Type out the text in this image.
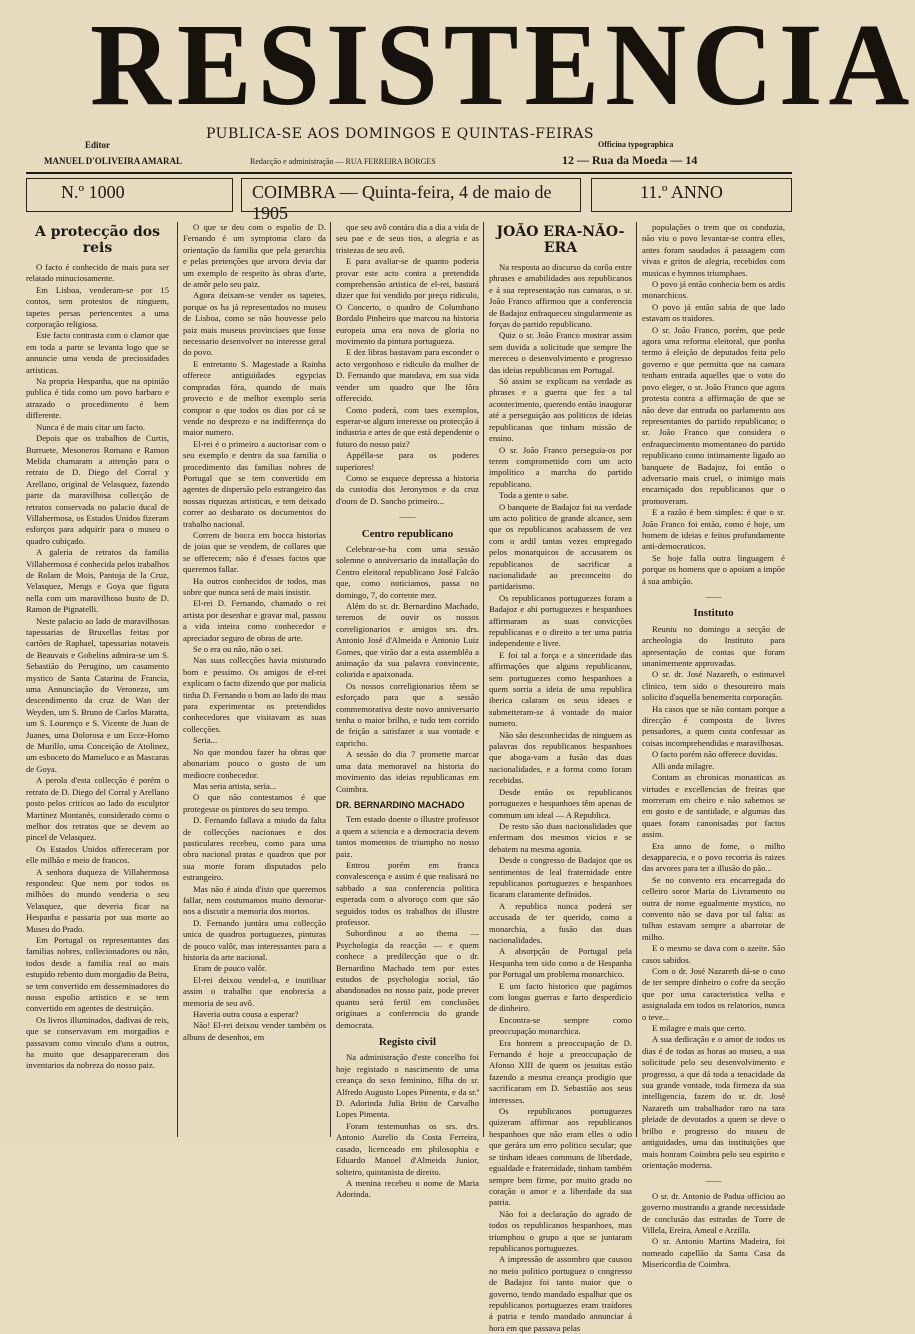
RESISTENCIA
Editor
MANUEL D'OLIVEIRA AMARAL
PUBLICA-SE AOS DOMINGOS E QUINTAS-FEIRAS
Redacção e administração — RUA FERREIRA BORGES
Officina typographica
12 — Rua da Moeda — 14
N.º 1000	COIMBRA — Quinta-feira, 4 de maio de 1905
11.º ANNO
A protecção dos reis

O facto é conhecido de mais para ser relatado minuciosamente.

Em Lisboa, venderam-se por 15 contos, sem protestos de ninguem, tapetes persas pertencentes a uma corporação religiosa.

Este facto contrasta com o clamor que em toda a parte se levanta logo que se annuncie uma venda de preciosidades artisticas.

Na propria Hespanha, que na opinião publica é tida como um povo barbaro e atrazado o procedimento é bem differente.

Nunca é de mais citar um facto.

Depois que os trabalhos de Curtis, Burruete, Mesoneros Romano e Ramon Melida chamaram a attenção para o retrato de D. Diego del Corral y Arellano, original de Velasquez, fazendo parte da maravilhosa collecção de retratos conservada no palacio ducal de Villahermosa, os Estados Unidos fizeram esforços para adquirir para o museu o quadro cubiçado.

A galeria de retratos da familia Villahermosa é conhecida pelos trabalhos de Rolam de Mois, Pantoja de la Cruz, Velasquez, Mengs e Goya que figura nella com um maravilhoso busto de D. Ramon de Pignatelli.

Neste palacio ao lado de maravilhosas tapessarias de Bruxellas feitas por cartões de Raphael, tapessarias notaveis de Beauvais e Gobelins admira-se um S. Sebastião do Perugino, um casamento mystico de Santa Catarina de Francia, uma Annunciação do Veronezo, um descendimento da cruz de Wan der Weyden, um S. Bruno de Carlos Maratta, um S. Lourenço e S. Vicente de Juan de Juanes, uma Dolorosa e um Ecce-Homo de Murillo, uma Conceição de Atolinez, um esboceto do Mameluco e as Mascaras de Goya.

A perola d'esta collecção é porém o retrato de D. Diego del Corral y Arellano posto pelos criticos ao lado do esculptor Martinez Montanés, considerado como o melhor dos retratos que se devem ao pincel de Velasquez.

Os Estados Unidos offereceram por elle milhão e meio de francos.

A senhora duqueza de Villahermosa respondeu: Que nem por todos os milhões do mundo venderia o seu Velasquez, que deveria ficar na Hespanha e passaria por sua morte ao Museu do Prado.

Em Portugal os representantes das familias nobres, collecionadores ou não, todos desde a familia real ao mais estupido rebento dum morgadio da Beira, se tem convertido em desseminadores do nosso espolio artistico e se tem convertido em agentes de destruição.

Os livros illuminados, dadivas de reis, que se conservavam em morgadios e passavam como vinculo d'uns a outros, ha muito que desappareceram dos inventarios da nobreza do nosso paiz.

O que se deu com o espolio de D. Fernando é um symptoma claro da orientação da familia que pela gerarchia e pelas pretenções que arvora devia dar um exemplo de respeito às obras d'arte, de amôr pelo seu paiz.

Agora deixam-se vender os tapetes, porque os ha já representados no museu de Lisboa, como se não houvesse pelo paiz mais museus provinciaes que fosse necessario desenvolver no interesse geral do povo.

E entretanto S. Magestade a Rainha offerece antiguidades egypcias compradas fóra, quando de mais provecto e de melhor exemplo seria comprar o que todos os dias por cá se vende no desprezo e na indifferença do maior numero.

El-rei é o primeiro a auctorisar com o seu exemplo e dentro da sua familia o procedimento das familias nobres de Portugal que se tem convertido em agentes de dispersão pelo estrangeiro das nossas riquezas artisticas, e tem deixado correr ao desbarato os documentos do trabalho nacional.

Correm de bocca em bocca historias de joias que se vendem, de collares que se offerecem; não é d'esses factos que queremos fallar.

Ha outros conhecidos de todos, mas sobre que nunca será de mais insistir.

El-rei D. Fernando, chamado o rei artista por desenhar e gravar mal, passou a vida inteira como conhecedor e apreciador seguro de obras de arte.

Se o era ou não, não o sei.

Nas suas collecções havia misturado bom e pessimo. Os amigos de el-rei explicam o facto dizendo que por malicia tinha D. Fernando o bom ao lado do mau para experimentar os pretendidos conhecedores que visitavam as suas collecções.

Seria...

No que mondou fazer ha obras que abonariam pouco o gosto de um mediocre conhecedor.

Mas seria artista, seria...

O que não contestamos é que protegesse os pintores do seu tempo.

D. Fernando fallava a miudo da falta de collecções nacionaes e dos pasticulares recebeu, como para uma obra nacional pratas e quadros que por sua morte foram disputados pelo estrangeiro.

Mas não é ainda d'isto que queremos fallar, nem costumamos muito demorar-nos a discutir a memoria dos mortos.

D. Fernando juntára uma collecção unica de quadros portuguezes, pinturas de pouco valôr, mas interessantes para a historia da arte nacional.

Eram de pouco valôr.

El-rei deixou vendel-a, e inutilisar assim o trabalho que enobrecia a memoria de seu avô.

Haveria outra cousa a esperar?

Não! El-rei deixou vender também os albuns de desenhos, em

que seu avô contára dia a dia a vida de seu pae e de seus tios, a alegria e as tristezas de seu avô.

E para avaliar-se de quanto poderia provar este acto contra a pretendida comprehensão artistica de el-rei, bastará dizer que foi vendido por preço ridiculo, O Concerto, o quadro de Columbano Bordalo Pinheiro que marcou na historia europeia uma era nova de gloria no movimento da pintura portugueza.

E dez libras bastavam para esconder o acto vergonhoso e ridiculo da mulher de D. Fernando que mandava, em sua vida vender um quadro que lhe fôra offerecido.

Como poderá, com taes exemplos, esperar-se algum interesse ou protecção á industria e artes de que está dependente o futuro do nosso paiz?

Appélla-se para os poderes superiores!

Como se esquece depressa a historia da custodia dos Jeronymos e da cruz d'ouro de D. Sancho primeiro...

——
Centro republicano

Celebrar-se-ha com uma sessão solemne o anniversario da installação do Centro eleitoral republicano José Falcão que, como noticiamos, passa no domingo, 7, do corrente mez.

Além do sr. dr. Bernardino Machado, teremos de ouvir os nossos correligionarios e amigos srs. drs. Antonio José d'Almeida e Antonio Luiz Gomes, que virão dar a esta assemblêa a animação da sua palavra convincente, colorida e apaixonada.

Os nossos correligionarios têem se esforçado para que a sessão commemorativa deste novo anniversario tenha o maior brilho, e tudo tem corrido de feição a satisfazer a sua vontade e capricho.

A sessão do dia 7 promette marcar uma data memoravel na historia do movimento das ideias republicanas em Coimbra.

DR. BERNARDINO MACHADO

Tem estado doente o illustre professor a quem a sciencia e a democracia devem tantos momentos de triumpho no nosso paiz.

Entrou porém em franca convalescença e assim é que realisará no sabbado a sua conferencia politica esperada com o alvoroço com que são seguidos todos os trabalhos do illustre professor.

Subordinou a ao thema — Psychologia da reacção — e quem conhece a predilecção que o dr. Bernardino Machado tem por estes estudos de psychologia social, tão abandonados no nosso paiz, pode prever quanto será fertil em conclusões originaes a conferencia do grande democrata.

Registo civil

Na administração d'este concelho foi hoje registado o nascimento de uma creança do sexo feminino, filha do sr. Alfredo Augusto Lopes Pimenta, e da sr.ª D. Adorinda Julia Brito de Carvalho Lopes Pimenta.

Foram testemunhas os srs. drs. Antonio Aurelio da Costa Ferreira, casado, licenceado em philosophia e Eduardo Manoel d'Almeida Junior, solteiro, quintanista de direito.

A menina recebeu o nome de Maria Adorinda.

JOÃO ERA-NÃO-ERA

Na resposta ao discurso da corôa entre phrases e amabilidades aos republicanos e á sua representação nas camaras, o sr. João Franco affirmou que a conferencia de Badajoz enfraqueceu singularmente as forças do partido republicano.

Quiz o sr. João Franco mostrar assim sem duvida a solicitude que sempre lhe mereceu o desenvolvimento e progresso das ideias republicanas em Portugal.

Só assim se explicam na verdade as phrases e a guerra que fez a tal acontecimento, querendo então inaugurar até a perseguição aos politicos de ideias republicanas que tinham missão de ensino.

O sr. João Franco perseguia-os por terem compromettido com um acto impolitico a marcha do partido republicano.

Toda a gente o sabe.

O banquete de Badajoz foi na verdade um acto politico de grande alcance, sem que os republicanos acabassem de vez com o ardil tantas vezes empregado pelos monarquicos de accusarem os republicanos de sacrificar a nacionalidade ao preconceito do partidarismo.

Os republicanos portuguezes foram a Badajoz e ahi portuguezes e hespanhoes affirmaram as suas convicções republicanas e o direito a ter uma patria independente e livre.

E foi tal a força e a sinceridade das affirmações que alguns republicanos, sem portuguezes como hespanhoes a quem sorria a ideia de uma republica iberica calaram os seus ideaes e submetteram-se á vontade do maior numero.

Não são desconhecidas de ninguem as palavras dos republicanos hespanhoes que aboga-vam a fusão das duas nacionalidades, e a forma como foram recebidas.

Desde então os republicanos portuguezes e hespanhoes têm apenas de commum um ideal — A Republica.

De resto são duas nacionalidades que enfermam dos mesmos vicios e se debatem na mesma agonia.

Desde o congresso de Badajoz que os sentimentos de leal fraternidade entre republicanos portuguezes e hespanhoes ficaram claramente definidos.

A republica nunca poderá ser accusada de ter querido, como a monarchia, a fusão das duas nacionalidades.

A absorpção de Portugal pela Hespanha tem sido como a de Hespanha por Portugal um problema monarchico.

E um facto historico que pagámos com longas guerras e farto desperdicio de dinheiro.

Encontra-se sempre como preoccupação monarchica.

Era honrem a preoccupação de D. Fernando é hoje a preoccupação de Afonso XIII de quem os jesuitas estão fazendo a mesma creança prodigio que sacrificaram em D. Sebastião aos seus interesses.

Os republicanos portuguezes quizeram affirmar aos republicanos hespanhoes que não eram elles o odio que gerára um erro politico secular; que se tinham ideaes communs de liberdade, egualdade e fraternidade, tinham também sempre bem firme, por muito grado no coração o amor e a liberdade da sua patria.

Não foi a declaração do agrado de todos os republicanos hespanhoes, mas triumphou o grupo a que se juntaram republicanos portuguezes.

A impressão de assombro que causou no meio politico portuguez o congresso de Badajoz foi tanto maior que o governo, tendo mandado espalhar que os republicanos portuguezes eram traidores á patria e tendo mandado annunciar á hora em que passava pelas

populações o trem que os conduzia, não viu o povo levantar-se contra elles, antes foram saudados á passagem com vivas e gritos de alegria, recebidos com musicas e hymnos triumphaes.

O povo já então conhecia bem os ardis monarchicos.

O povo já então sabia de que lado estavam os traidores.

O sr. João Franco, porém, que pede agora uma reforma eleitoral, que ponha termo á eleição de deputados feita pelo governo e que permitta que na camara tenham entrada aquelles que o voto do povo eleger, o sr. João Franco que agora protesta contra a affirmação de que se não deve dar entrada no parlamento aos representantes do partido republicano; o sr. João Franco que considera o enfraquecimento momentaneo do partido republicano como intimamente ligado ao banquete de Badajoz, foi então o adversario mais cruel, o inimigo mais encarniçado dos republicanos que o promoveram.

E a razão é bem simples: é que o sr. João Franco foi então, como é hoje, um homem de ideias e feitos profundamente anti-democraticos.

Se hoje falla outra linguagem é porque os homens que o apoiam a impõe á sua ambição.

——
Instituto

Reuniu no domingo a secção de archeologia do Instituto para apresentação de contas que foram unanimemente approvadas.

O sr. dr. José Nazareth, o estimavel clinico, tem sido o thesoureiro mais solicito d'aquella benemerita corporação.

Ha casos que se não contam porque a direcção é composta de livres pensadores, a quem custa confessar as coisas incomprehendidas e maravilhosas.

O facto porém não offerece duvidas.

Alli anda milagre.

Contam as chronicas monasticas as virtudes e excellencias de freiras que morreram em cheiro e não sabemos se em gosto e de santidade, e algumas das quaes foram canonisadas por factos assim.

Era anno de fome, o milho desapparecia, e o povo recorria ás raizes das arvores para ter a illusão do pão...

Se no convento era encarregada do celleiro soror Maria do Livramento ou outra de nome egualmente mystico, no convento não se dava por tal falta: as tulhas estavam sempre a abarrotar de milho.

E o mesmo se dava com o azeite. São casos sabidos.

Com o dr. José Nazareth dá-se o caso de ter sempre dinheiro o cofre da secção que por uma caracteristica velha e assignalada em todos os relatorios, nunca o teve...

E milagre e mais que certo.

A sua dedicação e o amor de todos os dias é de todas as horas ao museu, a sua solicitude pelo seu desenvolvimento e progresso, a que dá toda a tenacidade da sua grande vontade, toda firmeza da sua intelligencia, fazem do sr. dr. José Nazareth um trabalhador raro na tara pleiade de devotados a quem se deve o brilho e progresso do museu de antiguidades, uma das instituições que mais honram Coimbra pelo seu espirito e orientação moderna.

——

O sr. dr. Antonio de Padua officiou ao governo mostrando a grande necessidade de conclusão das estradas de Torre de Villela, Ereira, Ameal e Arzilla.

O sr. Antonio Martins Madeira, foi nomeado capellão da Santa Casa da Misericordia de Coimbra.
